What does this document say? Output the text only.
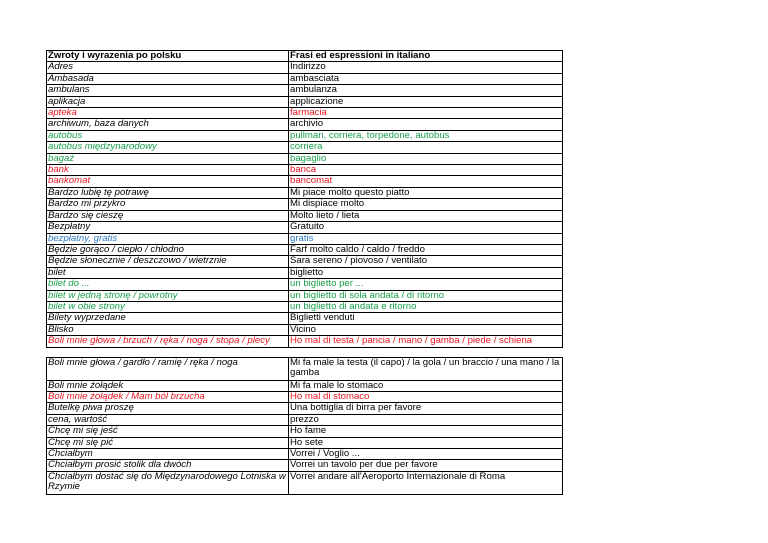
Zwroty i wyrazenia po polsku	Frasi ed espressioni in italiano
Adres	Indirizzo
Ambasada	ambasciata
ambulans	ambulanza
aplikacja	applicazione
apteka	farmacia
archiwum, baza danych	archivio
autobus	pullman, corriera, torpedone, autobus
autobus międzynarodowy	corriera
bagaż	bagaglio
bank	banca
bankomat	bancomat
Bardzo lubię tę potrawę	Mi piace molto questo piatto
Bardzo mi przykro	Mi dispiace molto
Bardzo się cieszę	Molto lieto / lieta
Bezpłatny	Gratuito
bezpłatny, gratis	gratis
Będzie gorąco / ciepło / chłodno	Farf molto caldo / caldo / freddo
Będzie słonecznie / deszczowo / wietrznie	Sara sereno / piovoso / ventilato
bilet	biglietto
bilet do ...	un biglietto per ...
bilet w jedną stronę / powrotny	un biglietto di sola andata / di ritorno
bilet w obie strony	un biglietto di andata e ritorno
Bilety wyprzedane	Biglietti venduti
Blisko	Vicino
Boli mnie głowa / brzuch / ręka / noga / stopa / plecy	Ho mal di testa / pancia / mano / gamba / piede / schiena

Boli mnie głowa / gardło / ramię / ręka / noga	Mi fa male la testa (il capo) / la gola / un braccio / una mano / la gamba
Boli mnie żołądek	Mi fa male lo stomaco
Boli mnie żołądek / Mam ból brzucha	Ho mal di stomaco
Butelkę piwa proszę	Una bottiglia di birra per favore
cena, wartość	prezzo
Chcę mi się jeść	Ho fame
Chcę mi się pić	Ho sete
Chciałbym	Vorrei / Voglio ...
Chciałbym prosić stolik dla dwóch	Vorrei un tavolo per due per favore
Chciałbym dostać się do Międzynarodowego Lotniska w Rzymie	Vorrei andare all'Aeroporto Internazionale di Roma
